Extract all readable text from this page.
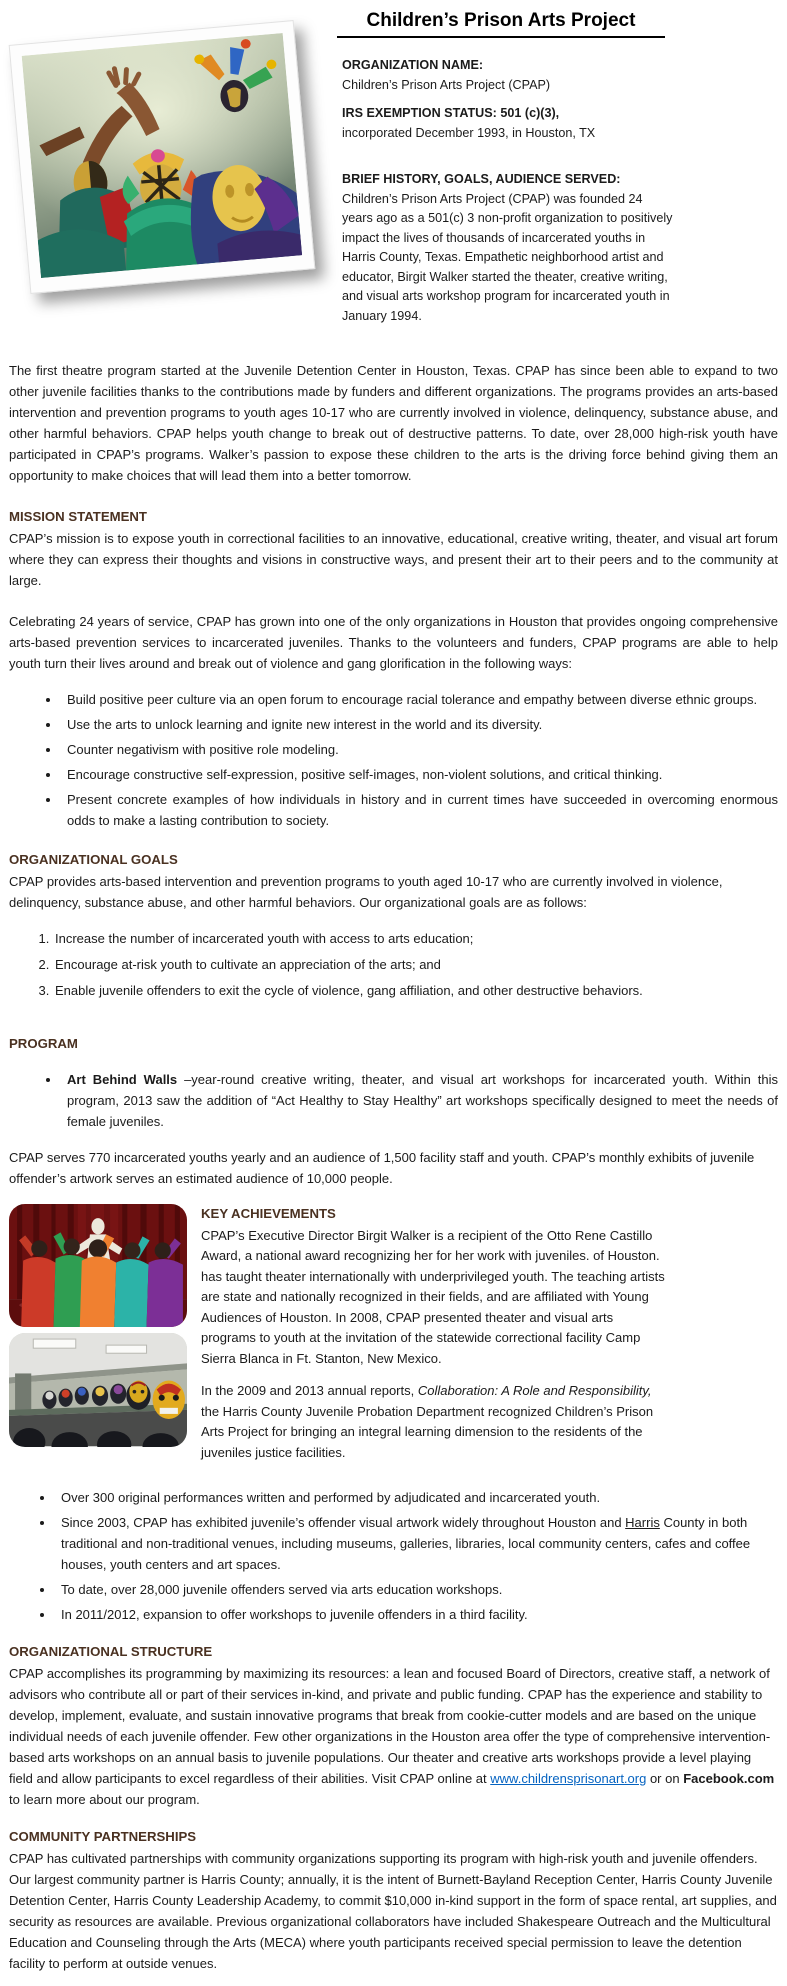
Children’s Prison Arts Project

ORGANIZATION NAME:

Children’s Prison Arts Project (CPAP)

IRS EXEMPTION STATUS: 501 (c)(3),

incorporated December 1993, in Houston, TX

BRIEF HISTORY, GOALS, AUDIENCE SERVED:

Children’s Prison Arts Project (CPAP) was founded 24 years ago as a 501(c) 3 non-profit organization to positively impact the lives of thousands of incarcerated youths in Harris County, Texas. Empathetic neighborhood artist and educator, Birgit Walker started the theater, creative writing, and visual arts workshop program for incarcerated youth in January 1994.

The first theatre program started at the Juvenile Detention Center in Houston, Texas. CPAP has since been able to expand to two other juvenile facilities thanks to the contributions made by funders and different organizations. The programs provides an arts-based intervention and prevention programs to youth ages 10-17 who are currently involved in violence, delinquency, substance abuse, and other harmful behaviors. CPAP helps youth change to break out of destructive patterns. To date, over 28,000 high-risk youth have participated in CPAP’s programs. Walker’s passion to expose these children to the arts is the driving force behind giving them an opportunity to make choices that will lead them into a better tomorrow.

MISSION STATEMENT

CPAP’s mission is to expose youth in correctional facilities to an innovative, educational, creative writing, theater, and visual art forum where they can express their thoughts and visions in constructive ways, and present their art to their peers and to the community at large.

Celebrating 24 years of service, CPAP has grown into one of the only organizations in Houston that provides ongoing comprehensive arts-based prevention services to incarcerated juveniles. Thanks to the volunteers and funders, CPAP programs are able to help youth turn their lives around and break out of violence and gang glorification in the following ways:

• Build positive peer culture via an open forum to encourage racial tolerance and empathy between diverse ethnic groups.
• Use the arts to unlock learning and ignite new interest in the world and its diversity.
• Counter negativism with positive role modeling.
• Encourage constructive self-expression, positive self-images, non-violent solutions, and critical thinking.
• Present concrete examples of how individuals in history and in current times have succeeded in overcoming enormous odds to make a lasting contribution to society.
ORGANIZATIONAL GOALS

CPAP provides arts-based intervention and prevention programs to youth aged 10-17 who are currently involved in violence, delinquency, substance abuse, and other harmful behaviors. Our organizational goals are as follows:

1. Increase the number of incarcerated youth with access to arts education;
2. Encourage at-risk youth to cultivate an appreciation of the arts; and
3. Enable juvenile offenders to exit the cycle of violence, gang affiliation, and other destructive behaviors.
PROGRAM
• Art Behind Walls –year-round creative writing, theater, and visual art workshops for incarcerated youth. Within this program, 2013 saw the addition of “Act Healthy to Stay Healthy” art workshops specifically designed to meet the needs of female juveniles.

CPAP serves 770 incarcerated youths yearly and an audience of 1,500 facility staff and youth. CPAP’s monthly exhibits of juvenile offender’s artwork serves an estimated audience of 10,000 people.

KEY ACHIEVEMENTS

CPAP’s Executive Director Birgit Walker is a recipient of the Otto Rene Castillo Award, a national award recognizing her for her work with juveniles. of Houston. has taught theater internationally with underprivileged youth. The teaching artists are state and nationally recognized in their fields, and are affiliated with Young Audiences of Houston. In 2008, CPAP presented theater and visual arts programs to youth at the invitation of the statewide correctional facility Camp Sierra Blanca in Ft. Stanton, New Mexico.

In the 2009 and 2013 annual reports, Collaboration: A Role and Responsibility, the Harris County Juvenile Probation Department recognized Children’s Prison Arts Project for bringing an integral learning dimension to the residents of the juveniles justice facilities.

• Over 300 original performances written and performed by adjudicated and incarcerated youth.
• Since 2003, CPAP has exhibited juvenile’s offender visual artwork widely throughout Houston and Harris County in both traditional and non-traditional venues, including museums, galleries, libraries, local community centers, cafes and coffee houses, youth centers and art spaces.
• To date, over 28,000 juvenile offenders served via arts education workshops.
• In 2011/2012, expansion to offer workshops to juvenile offenders in a third facility.
ORGANIZATIONAL STRUCTURE

CPAP accomplishes its programming by maximizing its resources: a lean and focused Board of Directors, creative staff, a network of advisors who contribute all or part of their services in-kind, and private and public funding. CPAP has the experience and stability to develop, implement, evaluate, and sustain innovative programs that break from cookie-cutter models and are based on the unique individual needs of each juvenile offender. Few other organizations in the Houston area offer the type of comprehensive intervention-based arts workshops on an annual basis to juvenile populations. Our theater and creative arts workshops provide a level playing field and allow participants to excel regardless of their abilities. Visit CPAP online at www.childrensprisonart.org or on Facebook.com to learn more about our program.

COMMUNITY PARTNERSHIPS

CPAP has cultivated partnerships with community organizations supporting its program with high-risk youth and juvenile offenders. Our largest community partner is Harris County; annually, it is the intent of Burnett-Bayland Reception Center, Harris County Juvenile Detention Center, Harris County Leadership Academy, to commit $10,000 in-kind support in the form of space rental, art supplies, and security as resources are available. Previous organizational collaborators have included Shakespeare Outreach and the Multicultural Education and Counseling through the Arts (MECA) where youth participants received special permission to leave the detention facility to perform at outside venues.
